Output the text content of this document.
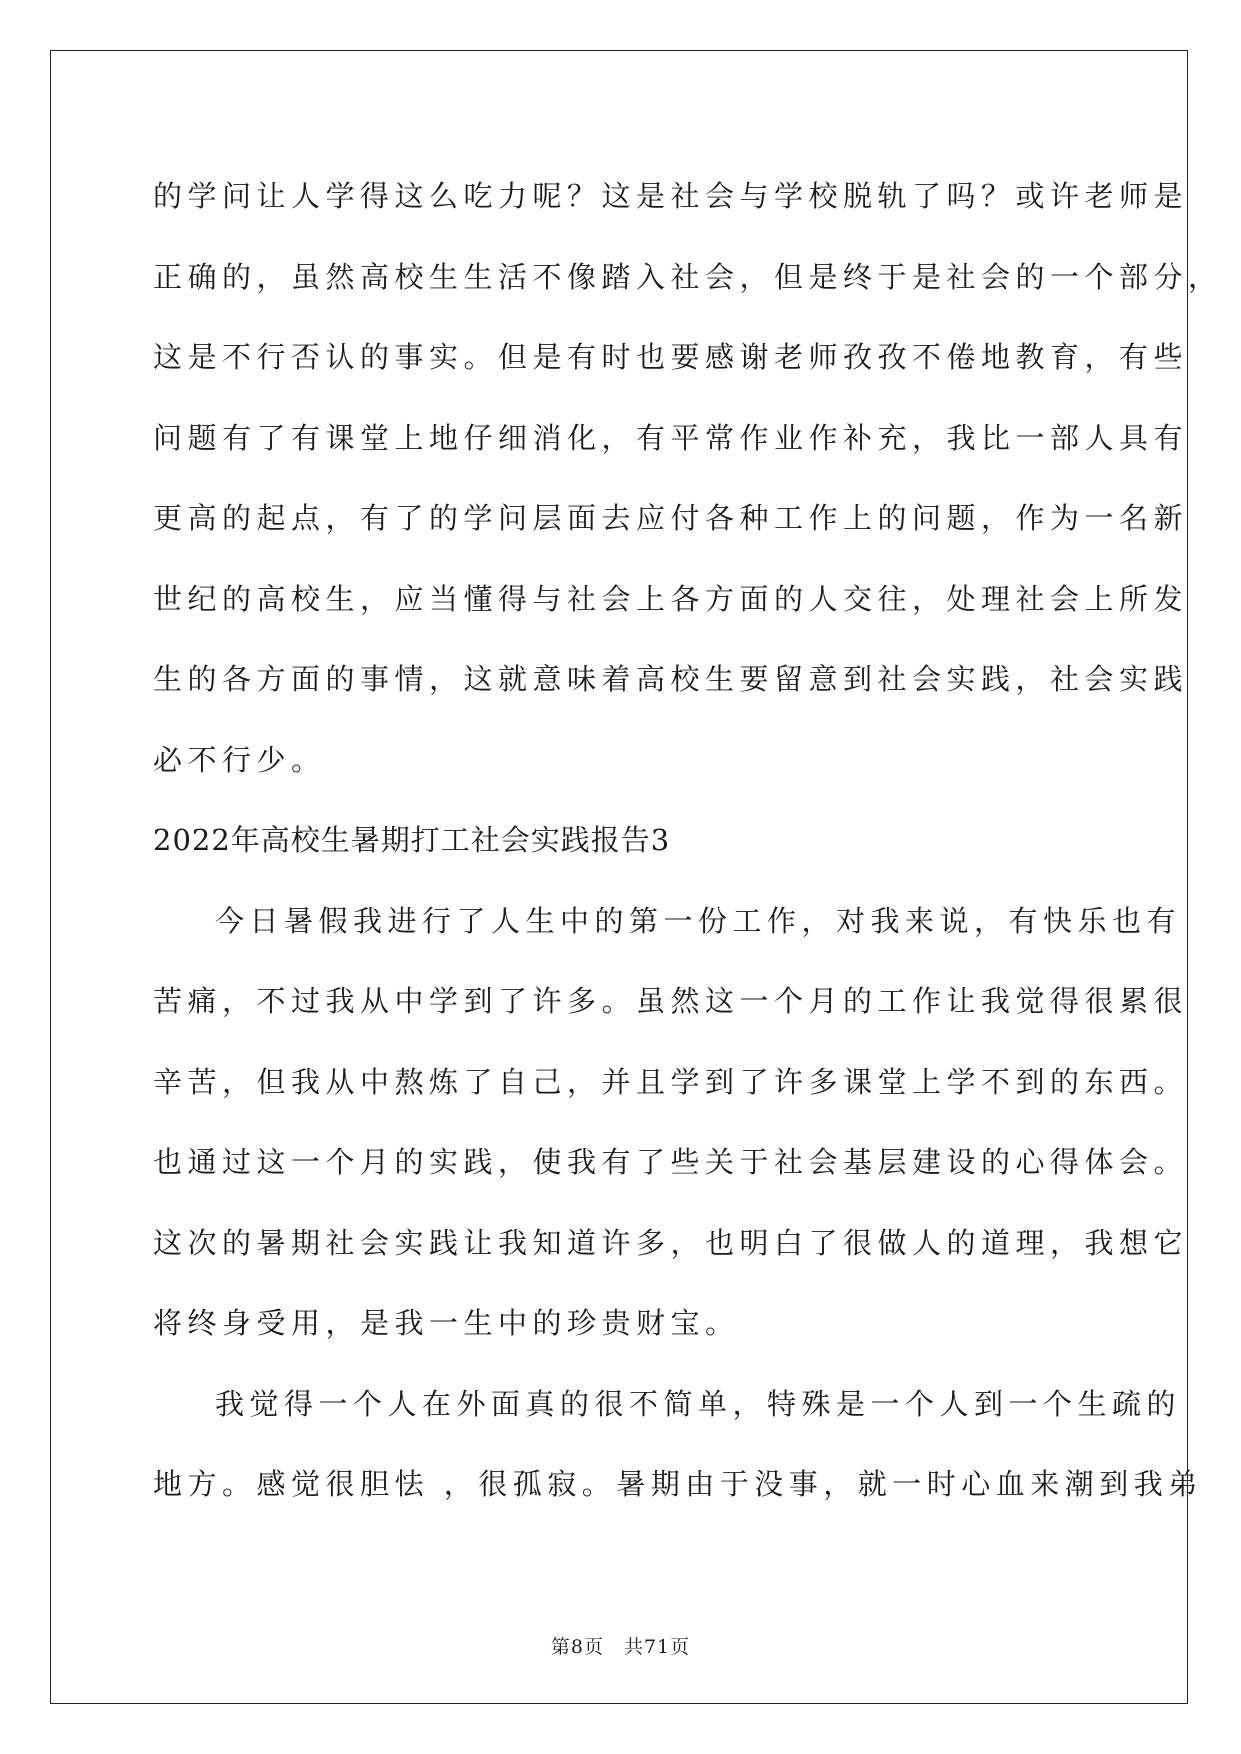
的学问让人学得这么吃力呢？这是社会与学校脱轨了吗？或许老师是
正确的，虽然高校生生活不像踏入社会，但是终于是社会的一个部分，
这是不行否认的事实。但是有时也要感谢老师孜孜不倦地教育，有些
问题有了有课堂上地仔细消化，有平常作业作补充，我比一部人具有
更高的起点，有了的学问层面去应付各种工作上的问题，作为一名新
世纪的高校生，应当懂得与社会上各方面的人交往，处理社会上所发
生的各方面的事情，这就意味着高校生要留意到社会实践，社会实践
必不行少。
2022年高校生暑期打工社会实践报告3
今日暑假我进行了人生中的第一份工作，对我来说，有快乐也有
苦痛，不过我从中学到了许多。虽然这一个月的工作让我觉得很累很
辛苦，但我从中熬炼了自己，并且学到了许多课堂上学不到的东西。
也通过这一个月的实践，使我有了些关于社会基层建设的心得体会。
这次的暑期社会实践让我知道许多，也明白了很做人的道理，我想它
将终身受用，是我一生中的珍贵财宝。
我觉得一个人在外面真的很不简单，特殊是一个人到一个生疏的
地方。感觉很胆怯 ，很孤寂。暑期由于没事，就一时心血来潮到我弟
第8页　共71页
